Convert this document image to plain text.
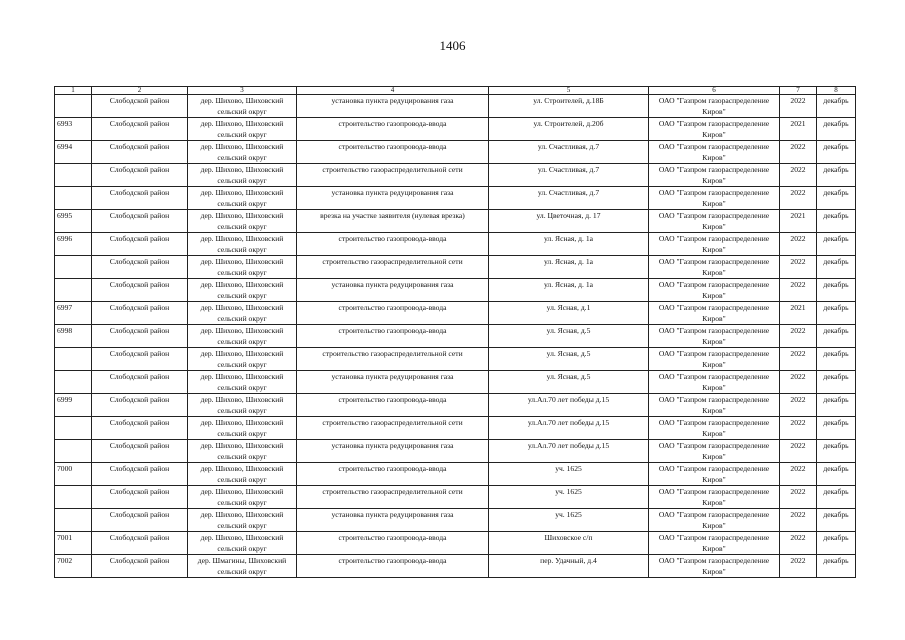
1406
1	2	3	4	5	6	7	8
	Слободской район	дер. Шихово, Шиховский сельский округ	установка пункта редуцирования газа	ул. Строителей, д.18Б	ОАО "Газпром газораспределение Киров"	2022	декабрь
6993	Слободской район	дер. Шихово, Шиховский сельский округ	строительство газопровода-ввода	ул. Строителей, д.20б	ОАО "Газпром газораспределение Киров"	2021	декабрь
6994	Слободской район	дер. Шихово, Шиховский сельский округ	строительство газопровода-ввода	ул. Счастливая, д.7	ОАО "Газпром газораспределение Киров"	2022	декабрь
	Слободской район	дер. Шихово, Шиховский сельский округ	строительство газораспределительной сети	ул. Счастливая, д.7	ОАО "Газпром газораспределение Киров"	2022	декабрь
	Слободской район	дер. Шихово, Шиховский сельский округ	установка пункта редуцирования газа	ул. Счастливая, д.7	ОАО "Газпром газораспределение Киров"	2022	декабрь
6995	Слободской район	дер. Шихово, Шиховский сельский округ	врезка на участке заявителя (нулевая врезка)	ул. Цветочная, д. 17	ОАО "Газпром газораспределение Киров"	2021	декабрь
6996	Слободской район	дер. Шихово, Шиховский сельский округ	строительство газопровода-ввода	ул. Ясная, д. 1а	ОАО "Газпром газораспределение Киров"	2022	декабрь
	Слободской район	дер. Шихово, Шиховский сельский округ	строительство газораспределительной сети	ул. Ясная, д. 1а	ОАО "Газпром газораспределение Киров"	2022	декабрь
	Слободской район	дер. Шихово, Шиховский сельский округ	установка пункта редуцирования газа	ул. Ясная, д. 1а	ОАО "Газпром газораспределение Киров"	2022	декабрь
6997	Слободской район	дер. Шихово, Шиховский сельский округ	строительство газопровода-ввода	ул. Ясная, д.1	ОАО "Газпром газораспределение Киров"	2021	декабрь
6998	Слободской район	дер. Шихово, Шиховский сельский округ	строительство газопровода-ввода	ул. Ясная, д.5	ОАО "Газпром газораспределение Киров"	2022	декабрь
	Слободской район	дер. Шихово, Шиховский сельский округ	строительство газораспределительной сети	ул. Ясная, д.5	ОАО "Газпром газораспределение Киров"	2022	декабрь
	Слободской район	дер. Шихово, Шиховский сельский округ	установка пункта редуцирования газа	ул. Ясная, д.5	ОАО "Газпром газораспределение Киров"	2022	декабрь
6999	Слободской район	дер. Шихово, Шиховский сельский округ	строительство газопровода-ввода	ул.Ал.70 лет победы д.15	ОАО "Газпром газораспределение Киров"	2022	декабрь
	Слободской район	дер. Шихово, Шиховский сельский округ	строительство газораспределительной сети	ул.Ал.70 лет победы д.15	ОАО "Газпром газораспределение Киров"	2022	декабрь
	Слободской район	дер. Шихово, Шиховский сельский округ	установка пункта редуцирования газа	ул.Ал.70 лет победы д.15	ОАО "Газпром газораспределение Киров"	2022	декабрь
7000	Слободской район	дер. Шихово, Шиховский сельский округ	строительство газопровода-ввода	уч. 1625	ОАО "Газпром газораспределение Киров"	2022	декабрь
	Слободской район	дер. Шихово, Шиховский сельский округ	строительство газораспределительной сети	уч. 1625	ОАО "Газпром газораспределение Киров"	2022	декабрь
	Слободской район	дер. Шихово, Шиховский сельский округ	установка пункта редуцирования газа	уч. 1625	ОАО "Газпром газораспределение Киров"	2022	декабрь
7001	Слободской район	дер. Шихово, Шиховский сельский округ	строительство газопровода-ввода	Шиховское с/п	ОАО "Газпром газораспределение Киров"	2022	декабрь
7002	Слободской район	дер. Шмагины, Шиховский сельский округ	строительство газопровода-ввода	пер. Удачный, д.4	ОАО "Газпром газораспределение Киров"	2022	декабрь
